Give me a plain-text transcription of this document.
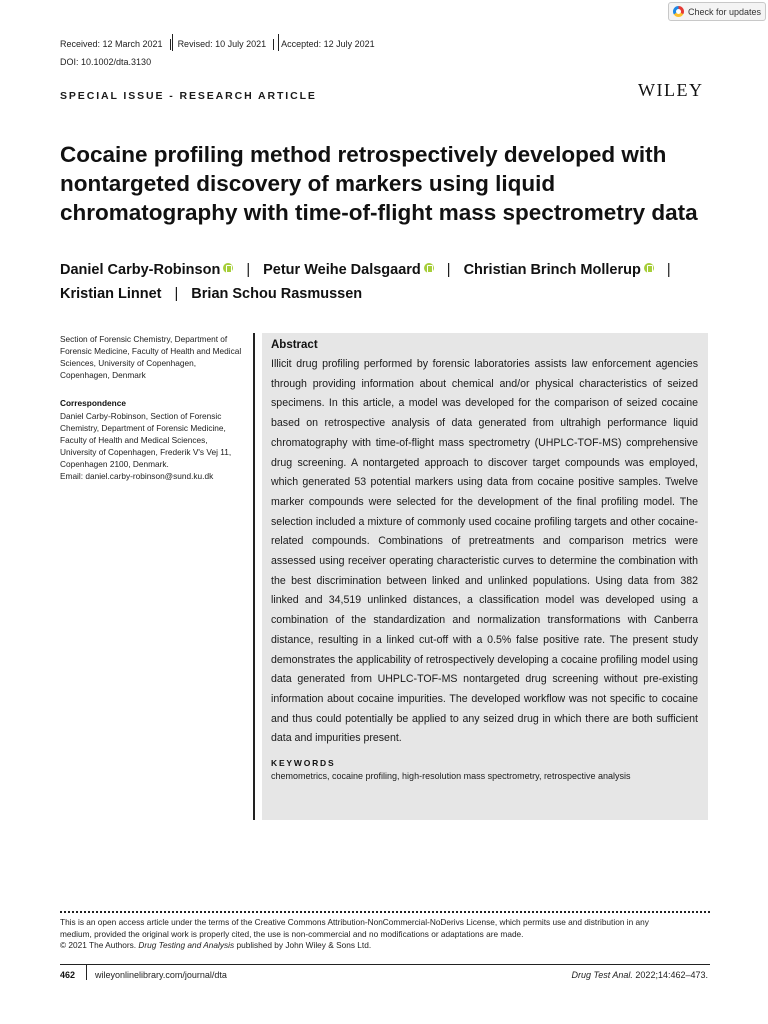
Check for updates
Received: 12 March 2021	Revised: 10 July 2021	Accepted: 12 July 2021
DOI: 10.1002/dta.3130
SPECIAL ISSUE - RESEARCH ARTICLE	WILEY
Cocaine profiling method retrospectively developed with nontargeted discovery of markers using liquid chromatography with time-of-flight mass spectrometry data
Daniel Carby-Robinson | Petur Weihe Dalsgaard | Christian Brinch Mollerup |
Kristian Linnet | Brian Schou Rasmussen

Section of Forensic Chemistry, Department of Forensic Medicine, Faculty of Health and Medical Sciences, University of Copenhagen, Copenhagen, Denmark

Correspondence

Daniel Carby-Robinson, Section of Forensic Chemistry, Department of Forensic Medicine, Faculty of Health and Medical Sciences, University of Copenhagen, Frederik V's Vej 11, Copenhagen 2100, Denmark.
Email: daniel.carby-robinson@sund.ku.dk
Abstract

Illicit drug profiling performed by forensic laboratories assists law enforcement agencies through providing information about chemical and/or physical characteristics of seized specimens. In this article, a model was developed for the comparison of seized cocaine based on retrospective analysis of data generated from ultrahigh performance liquid chromatography with time-of-flight mass spectrometry (UHPLC-TOF-MS) comprehensive drug screening. A nontargeted approach to discover target compounds was employed, which generated 53 potential markers using data from cocaine positive samples. Twelve marker compounds were selected for the development of the final profiling model. The selection included a mixture of commonly used cocaine profiling targets and other cocaine-related compounds. Combinations of pretreatments and comparison metrics were assessed using receiver operating characteristic curves to determine the combination with the best discrimination between linked and unlinked populations. Using data from 382 linked and 34,519 unlinked distances, a classification model was developed using a combination of the standardization and normalization transformations with Canberra distance, resulting in a linked cut-off with a 0.5% false positive rate. The present study demonstrates the applicability of retrospectively developing a cocaine profiling model using data generated from UHPLC-TOF-MS nontargeted drug screening without pre-existing information about cocaine impurities. The developed workflow was not specific to cocaine and thus could potentially be applied to any seized drug in which there are both sufficient data and impurities present.

KEYWORDS

chemometrics, cocaine profiling, high-resolution mass spectrometry, retrospective analysis

This is an open access article under the terms of the Creative Commons Attribution-NonCommercial-NoDerivs License, which permits use and distribution in any
medium, provided the original work is properly cited, the use is non-commercial and no modifications or adaptations are made.
© 2021 The Authors. Drug Testing and Analysis published by John Wiley & Sons Ltd.
462 wileyonlinelibrary.com/journal/dta	Drug Test Anal. 2022;14:462–473.
